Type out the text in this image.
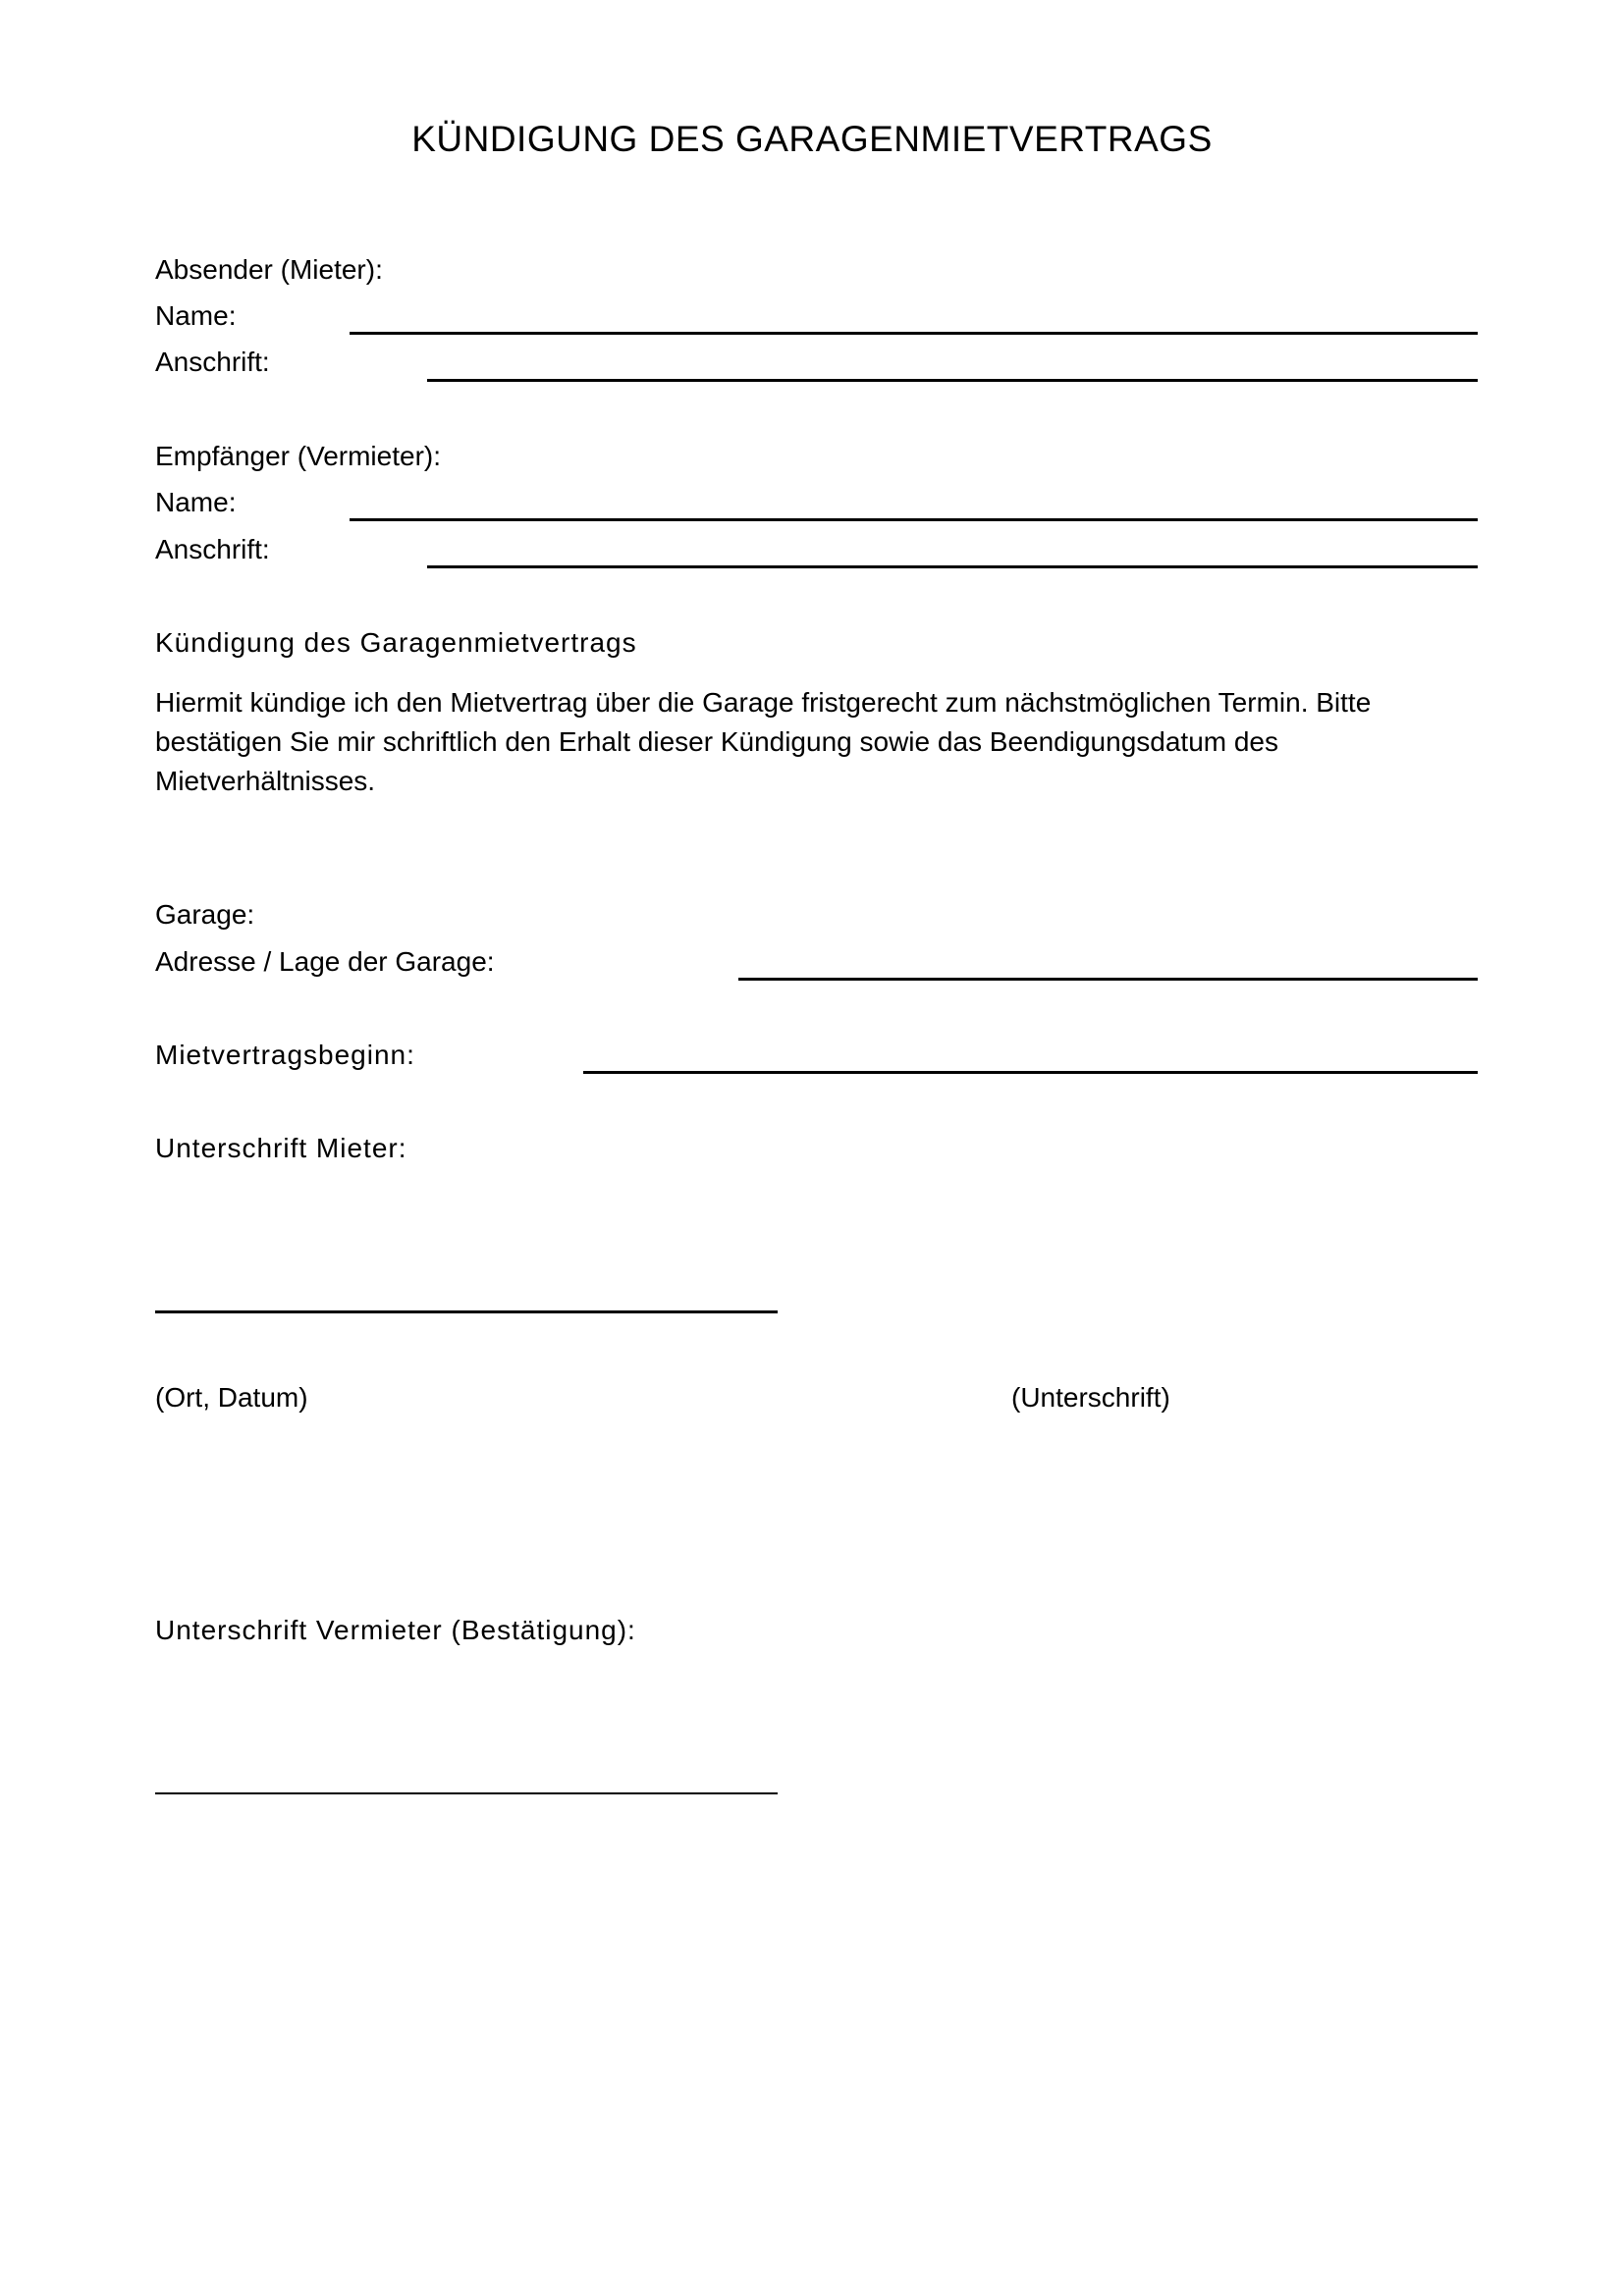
KÜNDIGUNG DES GARAGENMIETVERTRAGS
Absender (Mieter):
Name:
Anschrift:
Empfänger (Vermieter):
Name:
Anschrift:
Kündigung des Garagenmietvertrags
Hiermit kündige ich den Mietvertrag über die Garage fristgerecht zum nächstmöglichen Termin. Bitte bestätigen Sie mir schriftlich den Erhalt dieser Kündigung sowie das Beendigungsdatum des Mietverhältnisses.
Garage:
Adresse / Lage der Garage:
Mietvertragsbeginn:
Unterschrift Mieter:
(Ort, Datum)	(Unterschrift)
Unterschrift Vermieter (Bestätigung):
